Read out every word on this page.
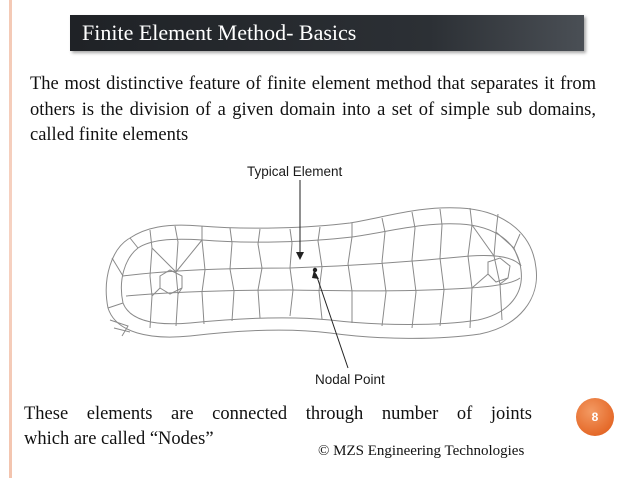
Finite Element Method- Basics

The most distinctive feature of finite element method that separates it from others is the division of a given domain into a set of simple sub domains, called finite elements

Typical Element
Nodal Point

These elements are connected through number of joints
which are called “Nodes”

8
© MZS Engineering Technologies
